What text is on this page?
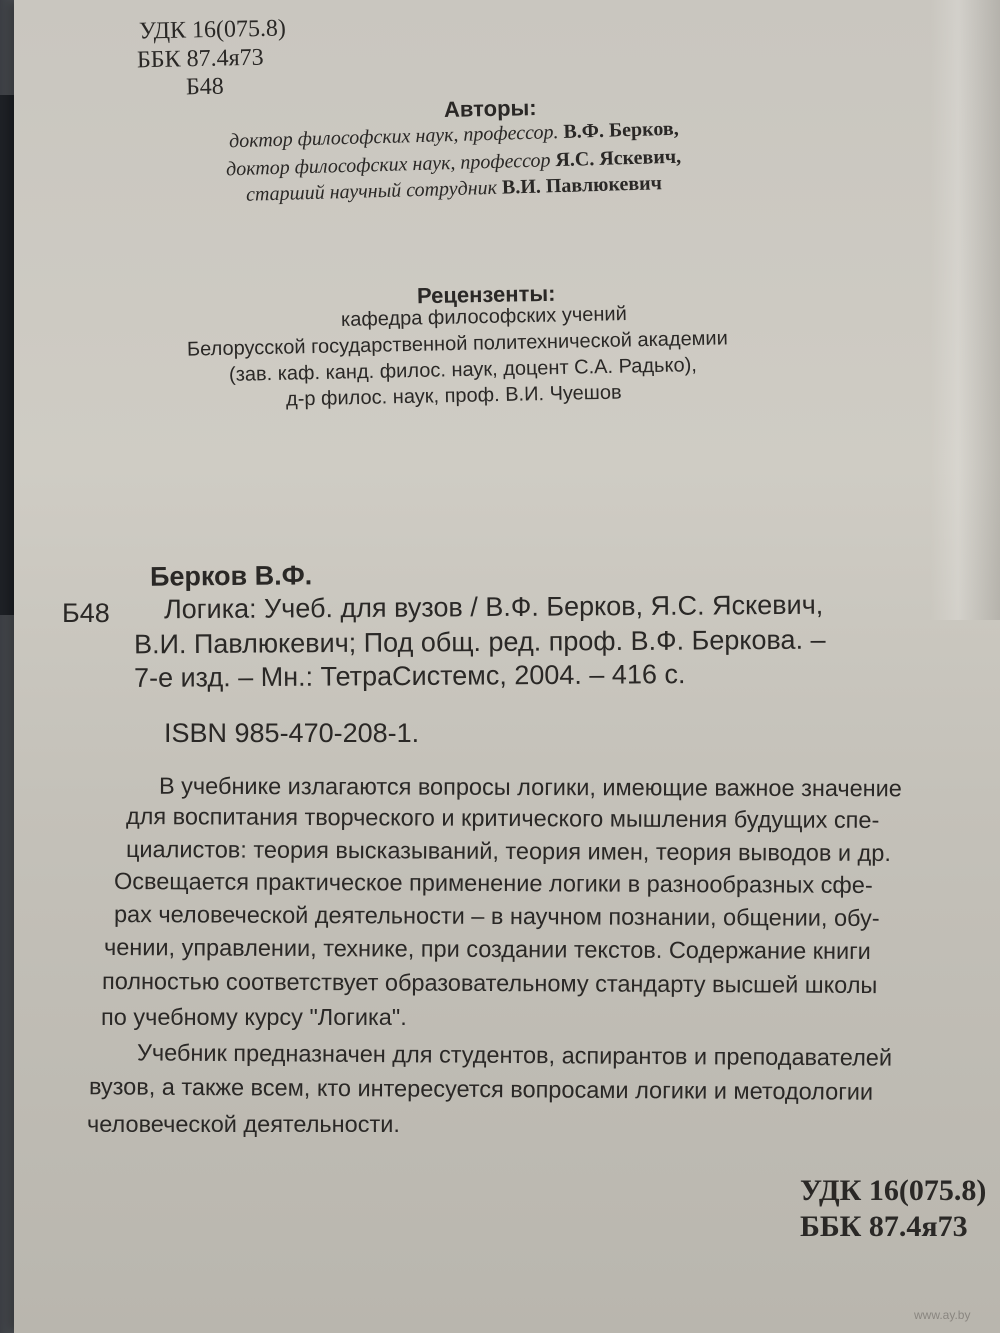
УДК 16(075.8)

ББК 87.4я73

Б48

Авторы:

доктор философских наук, профессор. В.Ф. Берков,

доктор философских наук, профессор Я.С. Яскевич,

старший научный сотрудник В.И. Павлюкевич

Рецензенты:

кафедра философских учений

Белорусской государственной политехнической академии

(зав. каф. канд. филос. наук, доцент С.А. Радько),

д-р филос. наук, проф. В.И. Чуешов

Берков В.Ф.

Б48 Логика: Учеб. для вузов / В.Ф. Берков, Я.С. Яскевич,

В.И. Павлюкевич; Под общ. ред. проф. В.Ф. Беркова. –

7-е изд. – Мн.: ТетраСистемс, 2004. – 416 с.

ISBN 985-470-208-1.

В учебнике излагаются вопросы логики, имеющие важное значение

для воспитания творческого и критического мышления будущих спе-

циалистов: теория высказываний, теория имен, теория выводов и др.

Освещается практическое применение логики в разнообразных сфе-

рах человеческой деятельности – в научном познании, общении, обу-

чении, управлении, технике, при создании текстов. Содержание книги

полностью соответствует образовательному стандарту высшей школы

по учебному курсу "Логика".

Учебник предназначен для студентов, аспирантов и преподавателей

вузов, а также всем, кто интересуется вопросами логики и методологии

человеческой деятельности.

УДК 16(075.8)

ББК 87.4я73

www.ay.by
